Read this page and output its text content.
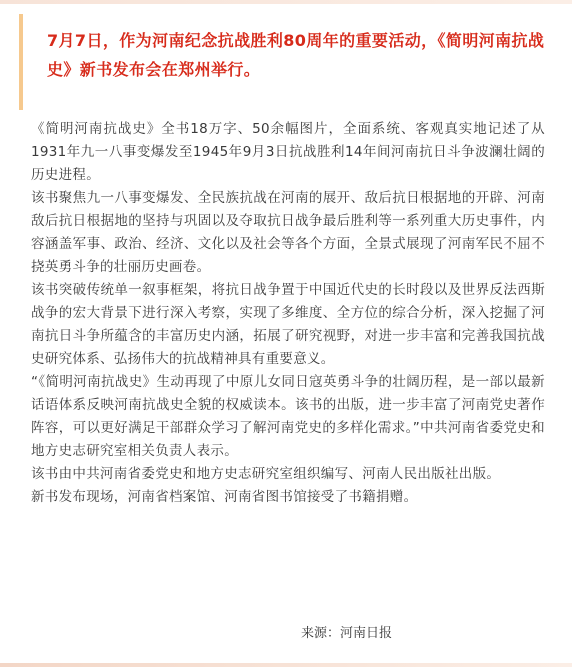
7月7日，作为河南纪念抗战胜利80周年的重要活动，《简明河南抗战史》新书发布会在郑州举行。

《简明河南抗战史》全书18万字、50余幅图片，全面系统、客观真实地记述了从1931年九一八事变爆发至1945年9月3日抗战胜利14年间河南抗日斗争波澜壮阔的历史进程。

该书聚焦九一八事变爆发、全民族抗战在河南的展开、敌后抗日根据地的开辟、河南敌后抗日根据地的坚持与巩固以及夺取抗日战争最后胜利等一系列重大历史事件，内容涵盖军事、政治、经济、文化以及社会等各个方面，全景式展现了河南军民不屈不挠英勇斗争的壮丽历史画卷。

该书突破传统单一叙事框架，将抗日战争置于中国近代史的长时段以及世界反法西斯战争的宏大背景下进行深入考察，实现了多维度、全方位的综合分析，深入挖掘了河南抗日斗争所蕴含的丰富历史内涵，拓展了研究视野，对进一步丰富和完善我国抗战史研究体系、弘扬伟大的抗战精神具有重要意义。

“《简明河南抗战史》生动再现了中原儿女同日寇英勇斗争的壮阔历程，是一部以最新话语体系反映河南抗战史全貌的权威读本。该书的出版，进一步丰富了河南党史著作阵容，可以更好满足干部群众学习了解河南党史的多样化需求。”中共河南省委党史和地方史志研究室相关负责人表示。

该书由中共河南省委党史和地方史志研究室组织编写、河南人民出版社出版。

新书发布现场，河南省档案馆、河南省图书馆接受了书籍捐赠。

来源：河南日报
